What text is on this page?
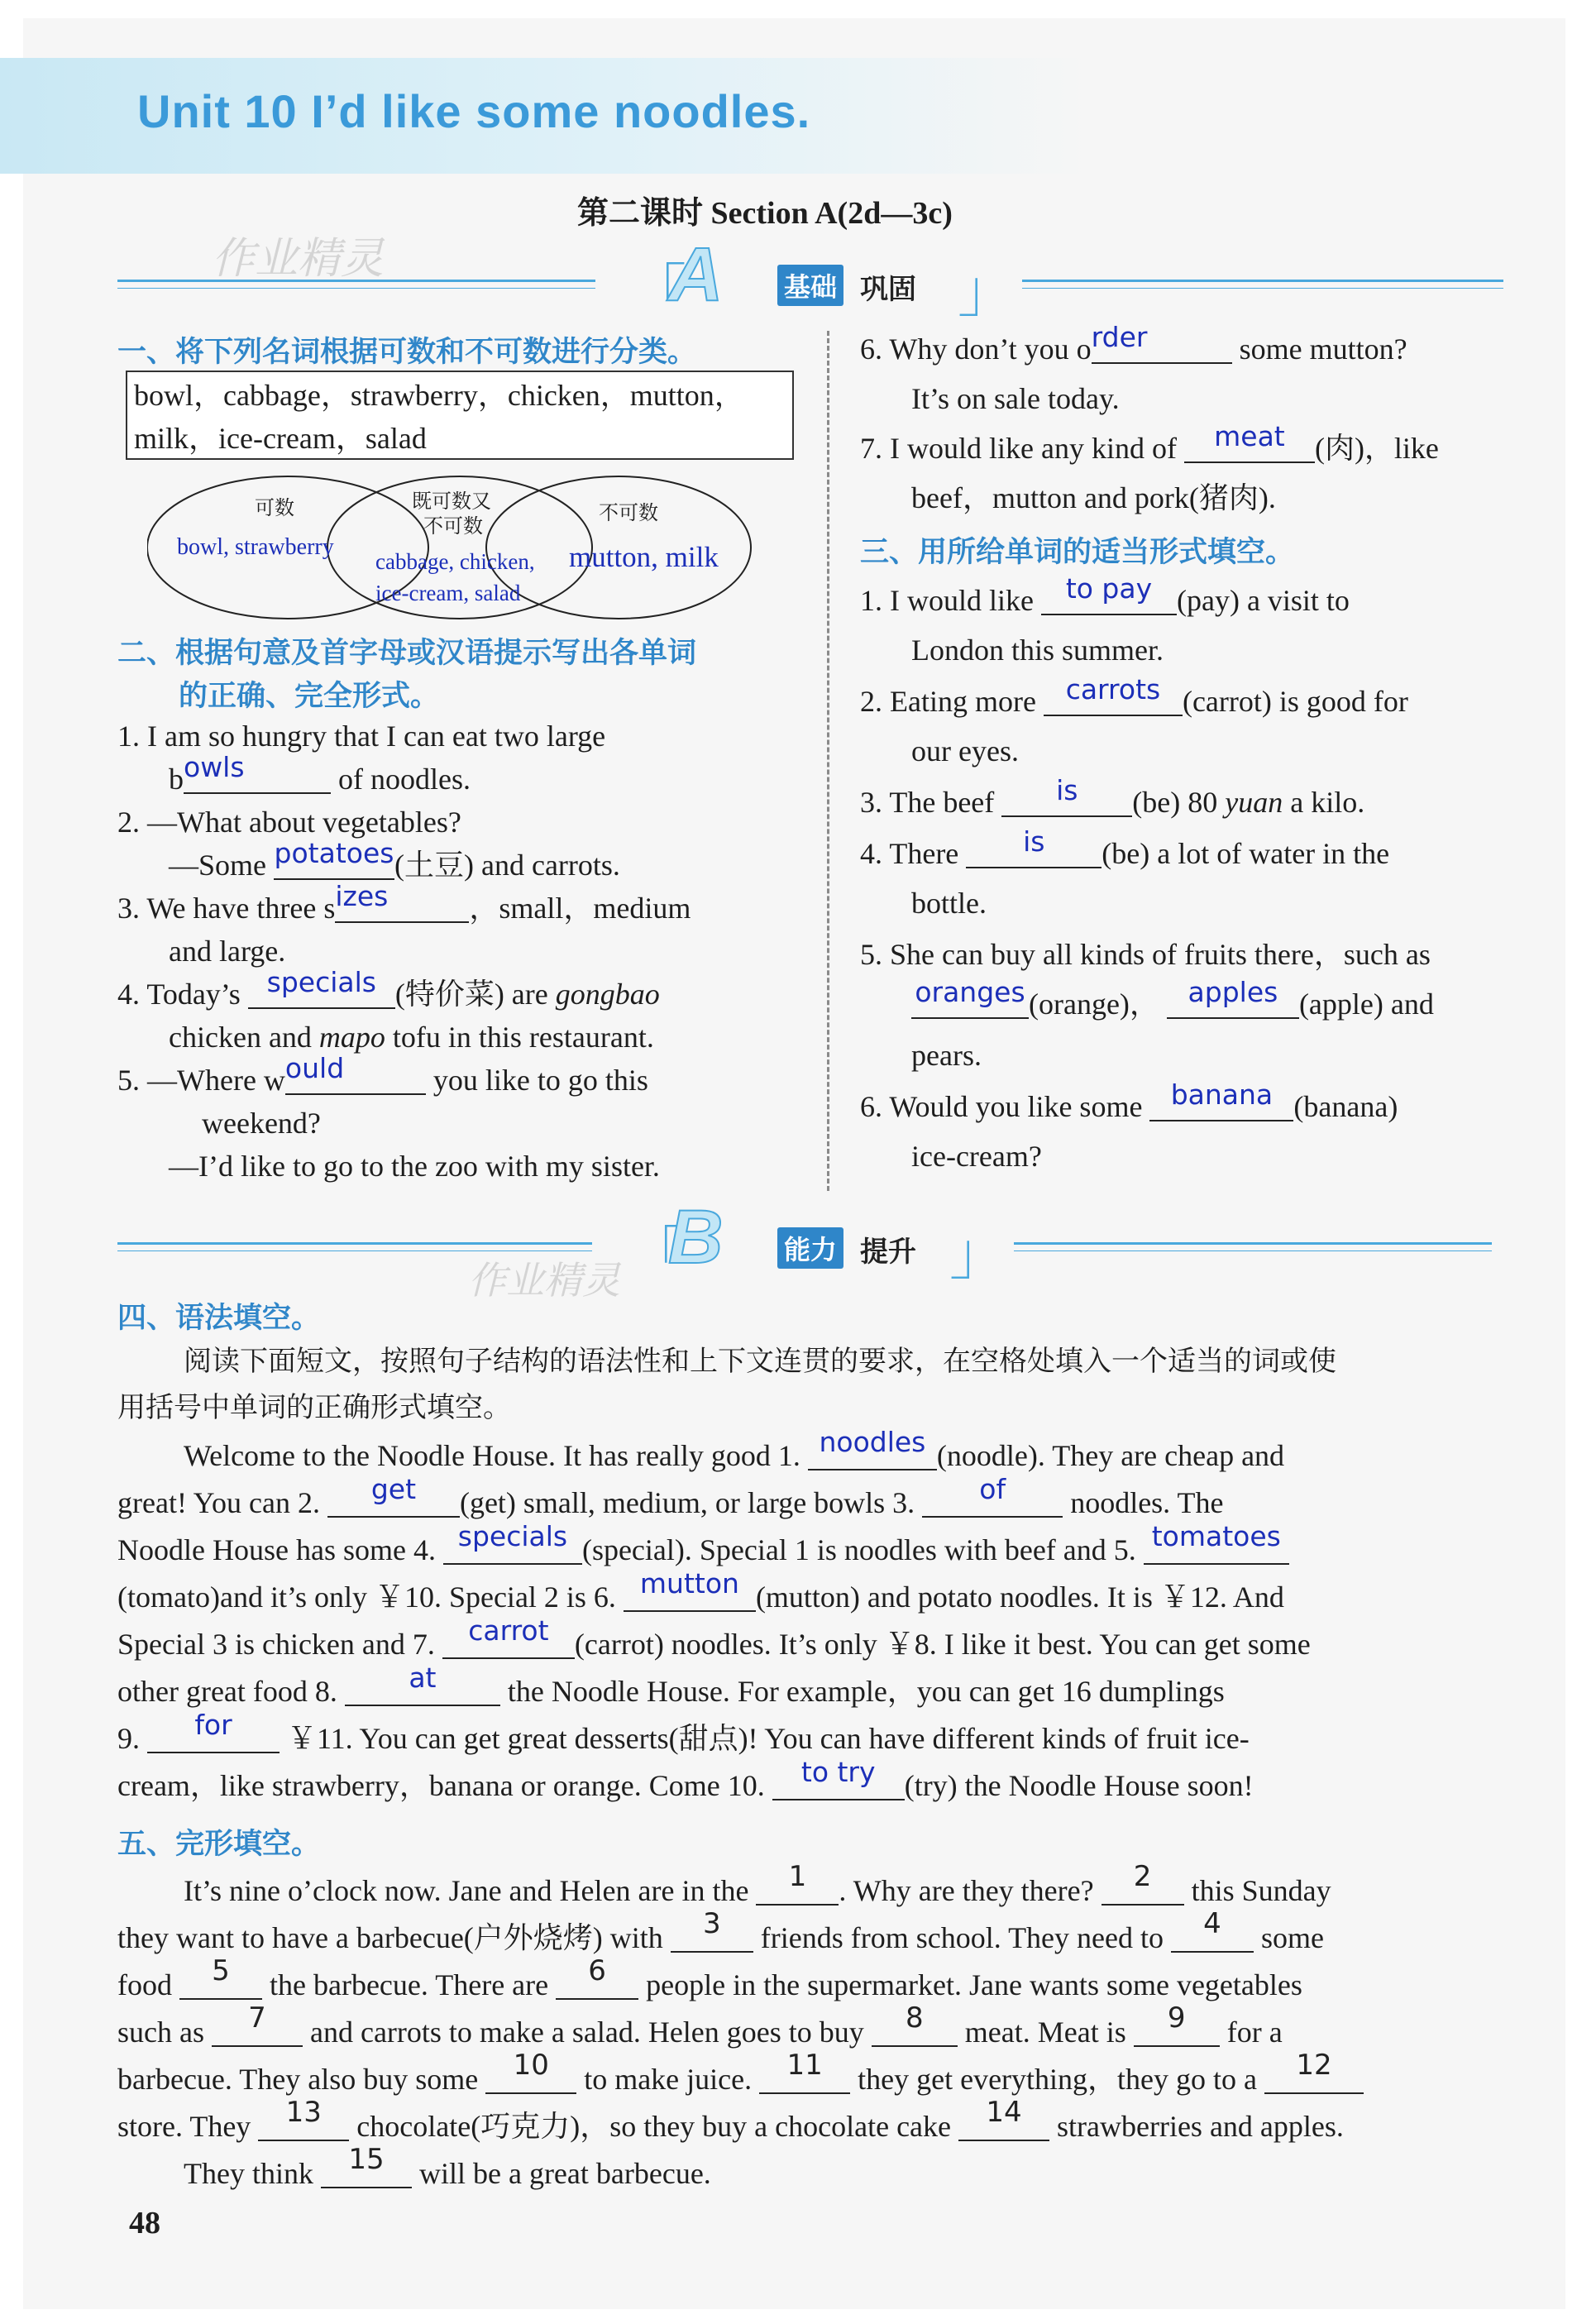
Unit 10 I’d like some noodles.
第二课时 Section A(2d—3c)
「
A 基础 巩固 」
作业精灵
一、将下列名词根据可数和不可数进行分类。
bowl，cabbage，strawberry，chicken，mutton，
milk，ice-cream，salad
可数	既可数又
不可数
不可数
bowl, strawberry
cabbage, chicken,
ice-cream, salad
mutton, milk
二、根据句意及首字母或汉语提示写出各单词
的正确、完全形式。
1. I am so hungry that I can eat two large
b owls	of noodles.
2. —What about vegetables?
—Some potatoes (土豆) and carrots.
3. We have three s izes	，small，medium
and large.
4. Today’s specials (特价菜) are gongbao
chicken and mapo tofu in this restaurant.
5. —Where w ould	you like to go this
weekend?
—I’d like to go to the zoo with my sister.
6. Why don’t you o rder	some mutton?
It’s on sale today.
7. I would like any kind of	meat	(肉)，like
beef，mutton and pork(猪肉).
三、用所给单词的适当形式填空。
1. I would like	to pay (pay) a visit to
London this summer.
2. Eating more	carrots (carrot) is good for
our eyes.
3. The beef	is	(be) 80 yuan a kilo.
4. There	is	(be) a lot of water in the
bottle.
5. She can buy all kinds of fruits there，such as
oranges (orange)，	apples (apple) and
pears.
6. Would you like some	banana (banana)
ice-cream?
「
B 能力 提升 」
作业精灵
四、语法填空。
阅读下面短文，按照句子结构的语法性和上下文连贯的要求，在空格处填入一个适当的词或使
用括号中单词的正确形式填空。
Welcome to the Noodle House. It has really good 1. noodles (noodle). They are cheap and
great! You can 2.	get	(get) small, medium, or large bowls 3.	of	noodles. The
Noodle House has some 4. specials (special). Special 1 is noodles with beef and 5. tomatoes
(tomato)and it’s only ￥10. Special 2 is 6. mutton (mutton) and potato noodles. It is ￥12. And
Special 3 is chicken and 7.	carrot (carrot) noodles. It’s only ￥8. I like it best. You can get some
other great food 8.	at	the Noodle House. For example，you can get 16 dumplings
9.	for	￥11. You can get great desserts(甜点)! You can have different kinds of fruit ice-
cream，like strawberry，banana or orange. Come 10.	to try (try) the Noodle House soon!
五、完形填空。
It’s nine o’clock now. Jane and Helen are in the	1	. Why are they there?	2	this Sunday
they want to have a barbecue(户外烧烤) with	3	friends from school. They need to	4	some
food	5	the barbecue. There are	6	people in the supermarket. Jane wants some vegetables
such as	7	and carrots to make a salad. Helen goes to buy	8	meat. Meat is	9	for a
barbecue. They also buy some	10	to make juice.	11	they get everything，they go to a	12
store. They	13	chocolate(巧克力)，so they buy a chocolate cake	14	strawberries and apples.
They think	15	will be a great barbecue.
48
